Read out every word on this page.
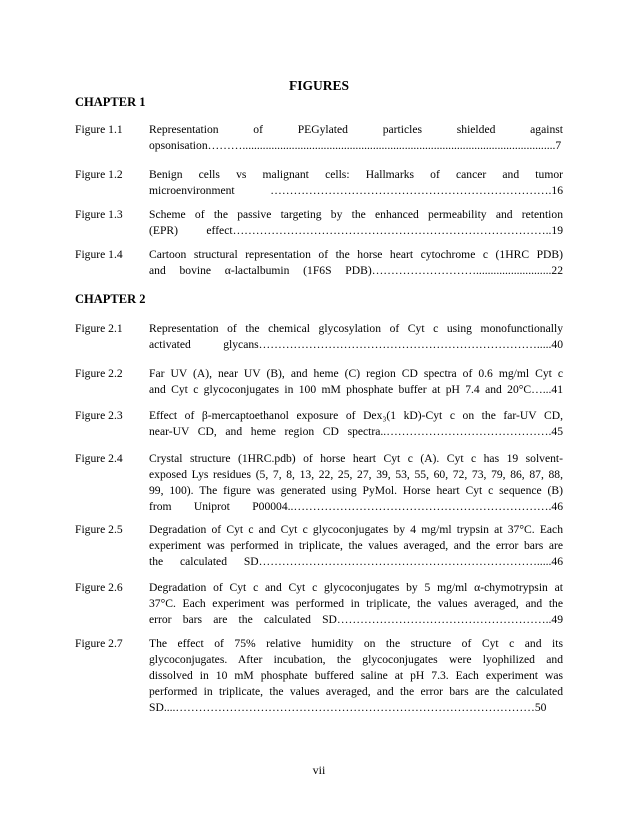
FIGURES
CHAPTER 1
Figure 1.1	Representation of PEGylated particles shielded against
opsonisation………............................................................................................................7
Figure 1.2	Benign cells vs malignant cells: Hallmarks of cancer and tumor
microenvironment ……………………………………………………………….16
Figure 1.3	Scheme of the passive targeting by the enhanced permeability and retention
(EPR) effect………………………………………………………………………..19
Figure 1.4	Cartoon structural representation of the horse heart cytochrome c (1HRC PDB)
and bovine α-lactalbumin (1F6S PDB)………………………..........................22
CHAPTER 2
Figure 2.1	Representation of the chemical glycosylation of Cyt c using monofunctionally
activated glycans……………………………………………………………….....40
Figure 2.2	Far UV (A), near UV (B), and heme (C) region CD spectra of 0.6 mg/ml Cyt c
and Cyt c glycoconjugates in 100 mM phosphate buffer at pH 7.4 and 20°C…...41
Figure 2.3	Effect of β-mercaptoethanol exposure of Dex₃(1 kD)-Cyt c on the far-UV CD,
near-UV CD, and heme region CD spectra..…………………………………….45
Figure 2.4	Crystal structure (1HRC.pdb) of horse heart Cyt c (A). Cyt c has 19 solvent-
exposed Lys residues (5, 7, 8, 13, 22, 25, 27, 39, 53, 55, 60, 72, 73, 79, 86, 87, 88,
99, 100). The figure was generated using PyMol. Horse heart Cyt c sequence (B)
from Uniprot P00004..………………………………………………………….46
Figure 2.5	Degradation of Cyt c and Cyt c glycoconjugates by 4 mg/ml trypsin at 37°C. Each
experiment was performed in triplicate, the values averaged, and the error bars are
the calculated SD……………………………………………………………….....46
Figure 2.6	Degradation of Cyt c and Cyt c glycoconjugates by 5 mg/ml α-chymotrypsin at
37°C. Each experiment was performed in triplicate, the values averaged, and the
error bars are the calculated SD………………………………………………..49
Figure 2.7	The effect of 75% relative humidity on the structure of Cyt c and its
glycoconjugates. After incubation, the glycoconjugates were lyophilized and
dissolved in 10 mM phosphate buffered saline at pH 7.3. Each experiment was
performed in triplicate, the values averaged, and the error bars are the calculated
SD....…………………………………………………………………………………50
vii
